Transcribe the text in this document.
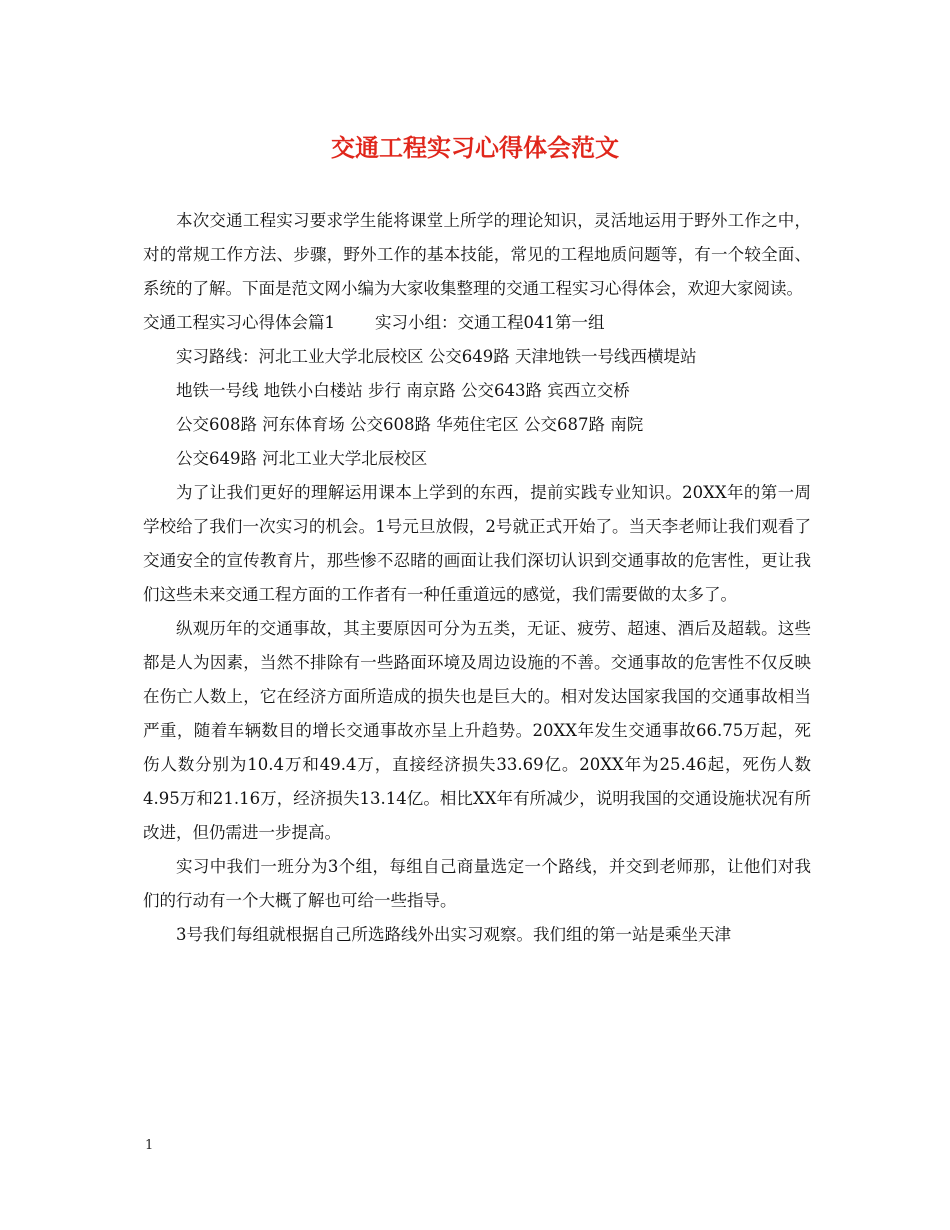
交通工程实习心得体会范文

本次交通工程实习要求学生能将课堂上所学的理论知识，灵活地运用于野外工作之中，对的常规工作方法、步骤，野外工作的基本技能，常见的工程地质问题等，有一个较全面、系统的了解。下面是范文网小编为大家收集整理的交通工程实习心得体会，欢迎大家阅读。

交通工程实习心得体会篇1 实习小组：交通工程041第一组

实习路线：河北工业大学北辰校区 公交649路 天津地铁一号线西横堤站

地铁一号线 地铁小白楼站 步行 南京路 公交643路 宾西立交桥

公交608路 河东体育场 公交608路 华苑住宅区 公交687路 南院

公交649路 河北工业大学北辰校区

为了让我们更好的理解运用课本上学到的东西，提前实践专业知识。20XX年的第一周学校给了我们一次实习的机会。1号元旦放假，2号就正式开始了。当天李老师让我们观看了交通安全的宣传教育片，那些惨不忍睹的画面让我们深切认识到交通事故的危害性，更让我们这些未来交通工程方面的工作者有一种任重道远的感觉，我们需要做的太多了。

纵观历年的交通事故，其主要原因可分为五类，无证、疲劳、超速、酒后及超载。这些都是人为因素，当然不排除有一些路面环境及周边设施的不善。交通事故的危害性不仅反映在伤亡人数上，它在经济方面所造成的损失也是巨大的。相对发达国家我国的交通事故相当严重，随着车辆数目的增长交通事故亦呈上升趋势。20XX年发生交通事故66.75万起，死伤人数分别为10.4万和49.4万，直接经济损失33.69亿。20XX年为25.46起，死伤人数4.95万和21.16万，经济损失13.14亿。相比XX年有所减少，说明我国的交通设施状况有所改进，但仍需进一步提高。

实习中我们一班分为3个组，每组自己商量选定一个路线，并交到老师那，让他们对我们的行动有一个大概了解也可给一些指导。

3号我们每组就根据自己所选路线外出实习观察。我们组的第一站是乘坐天津

1
